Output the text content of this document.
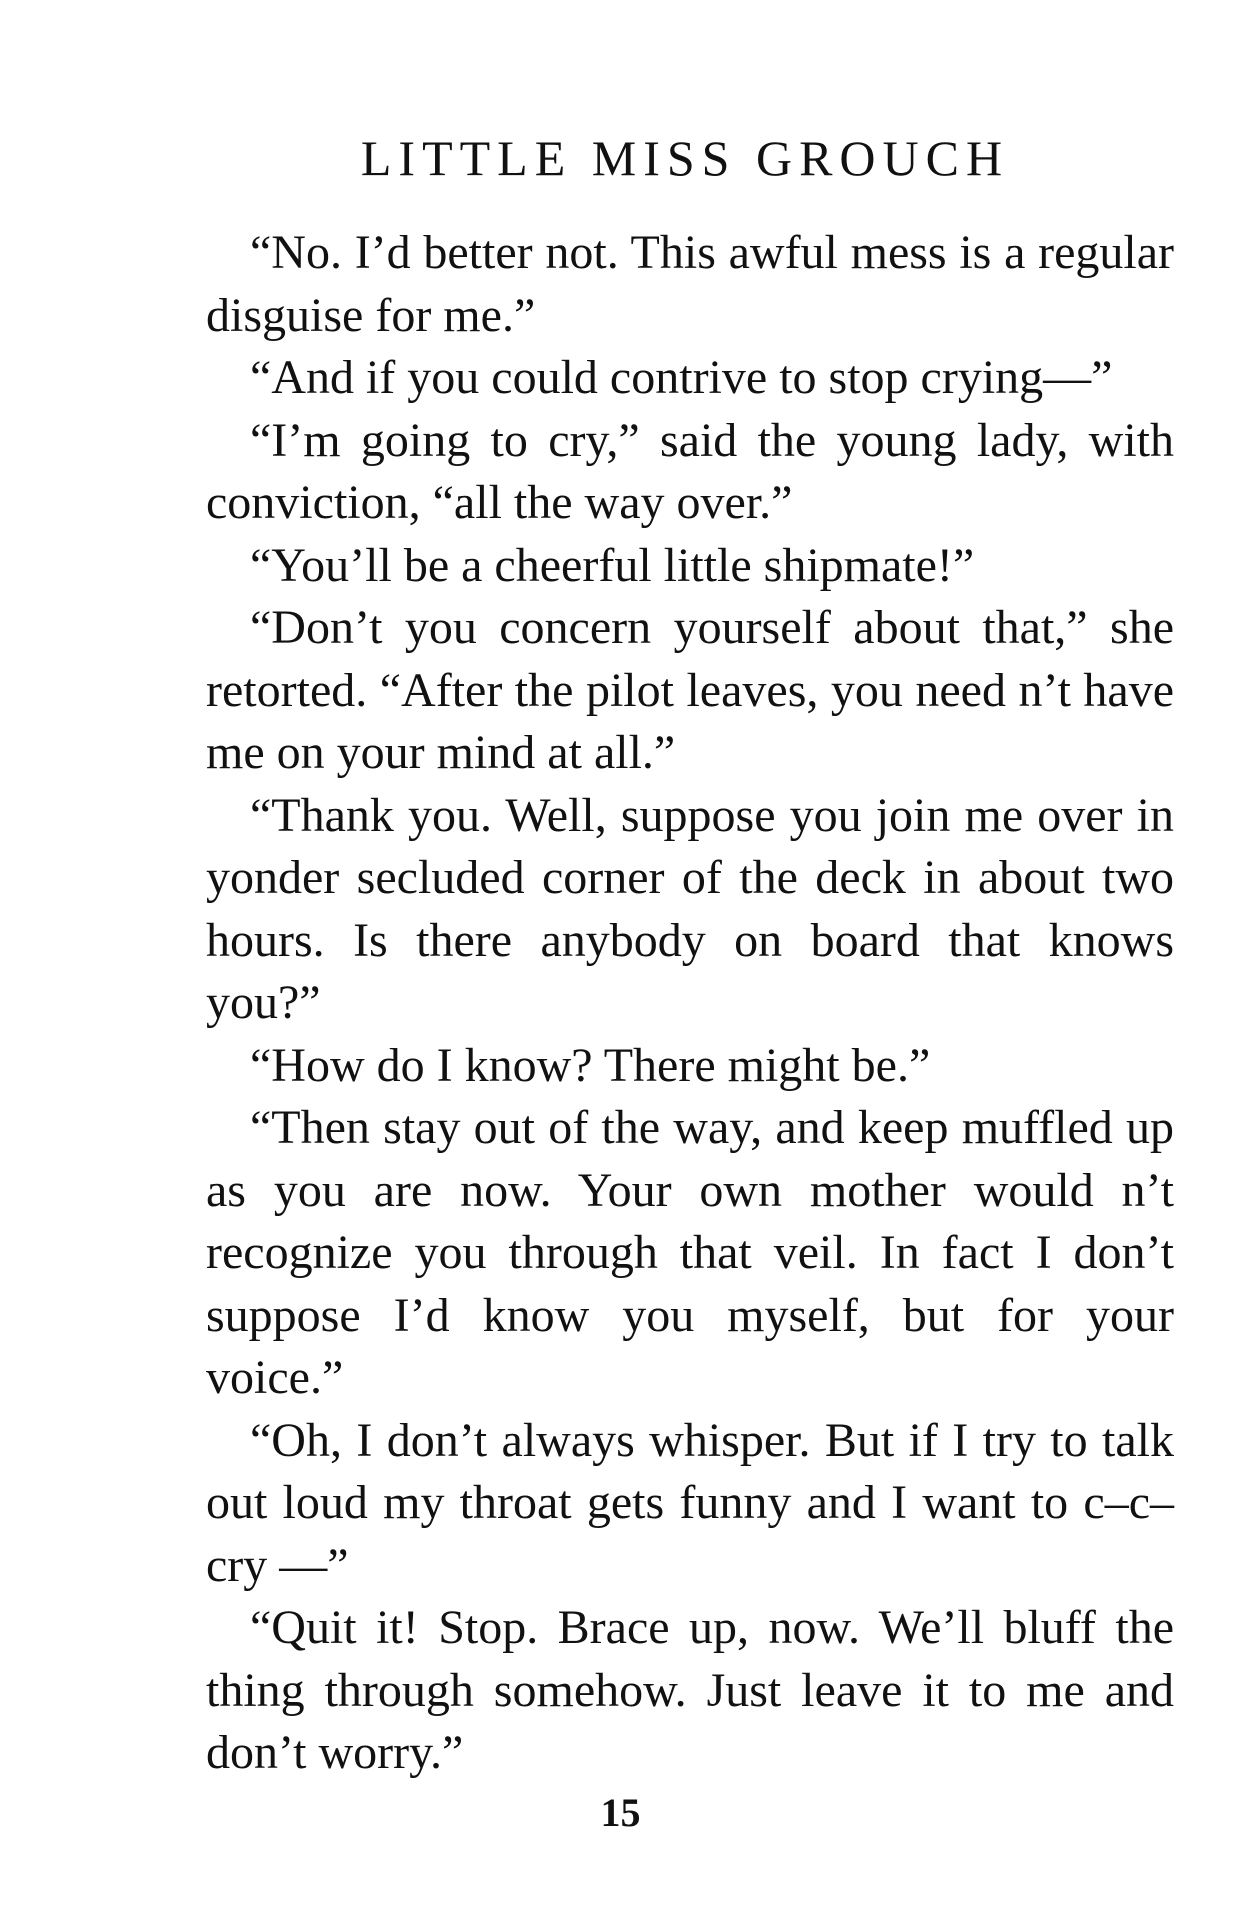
LITTLE MISS GROUCH

“No. I’d better not. This awful mess is a regular disguise for me.”

“And if you could contrive to stop crying—”

“I’m going to cry,” said the young lady, with conviction, “all the way over.”

“You’ll be a cheerful little shipmate!”

“Don’t you concern yourself about that,” she retorted. “After the pilot leaves, you need n’t have me on your mind at all.”

“Thank you. Well, suppose you join me over in yonder secluded corner of the deck in about two hours. Is there anybody on board that knows you?”

“How do I know? There might be.”

“Then stay out of the way, and keep muffled up as you are now. Your own mother would n’t recognize you through that veil. In fact I don’t suppose I’d know you myself, but for your voice.”

“Oh, I don’t always whisper. But if I try to talk out loud my throat gets funny and I want to c–c–cry —”

“Quit it! Stop. Brace up, now. We’ll bluff the thing through somehow. Just leave it to me and don’t worry.”

15
